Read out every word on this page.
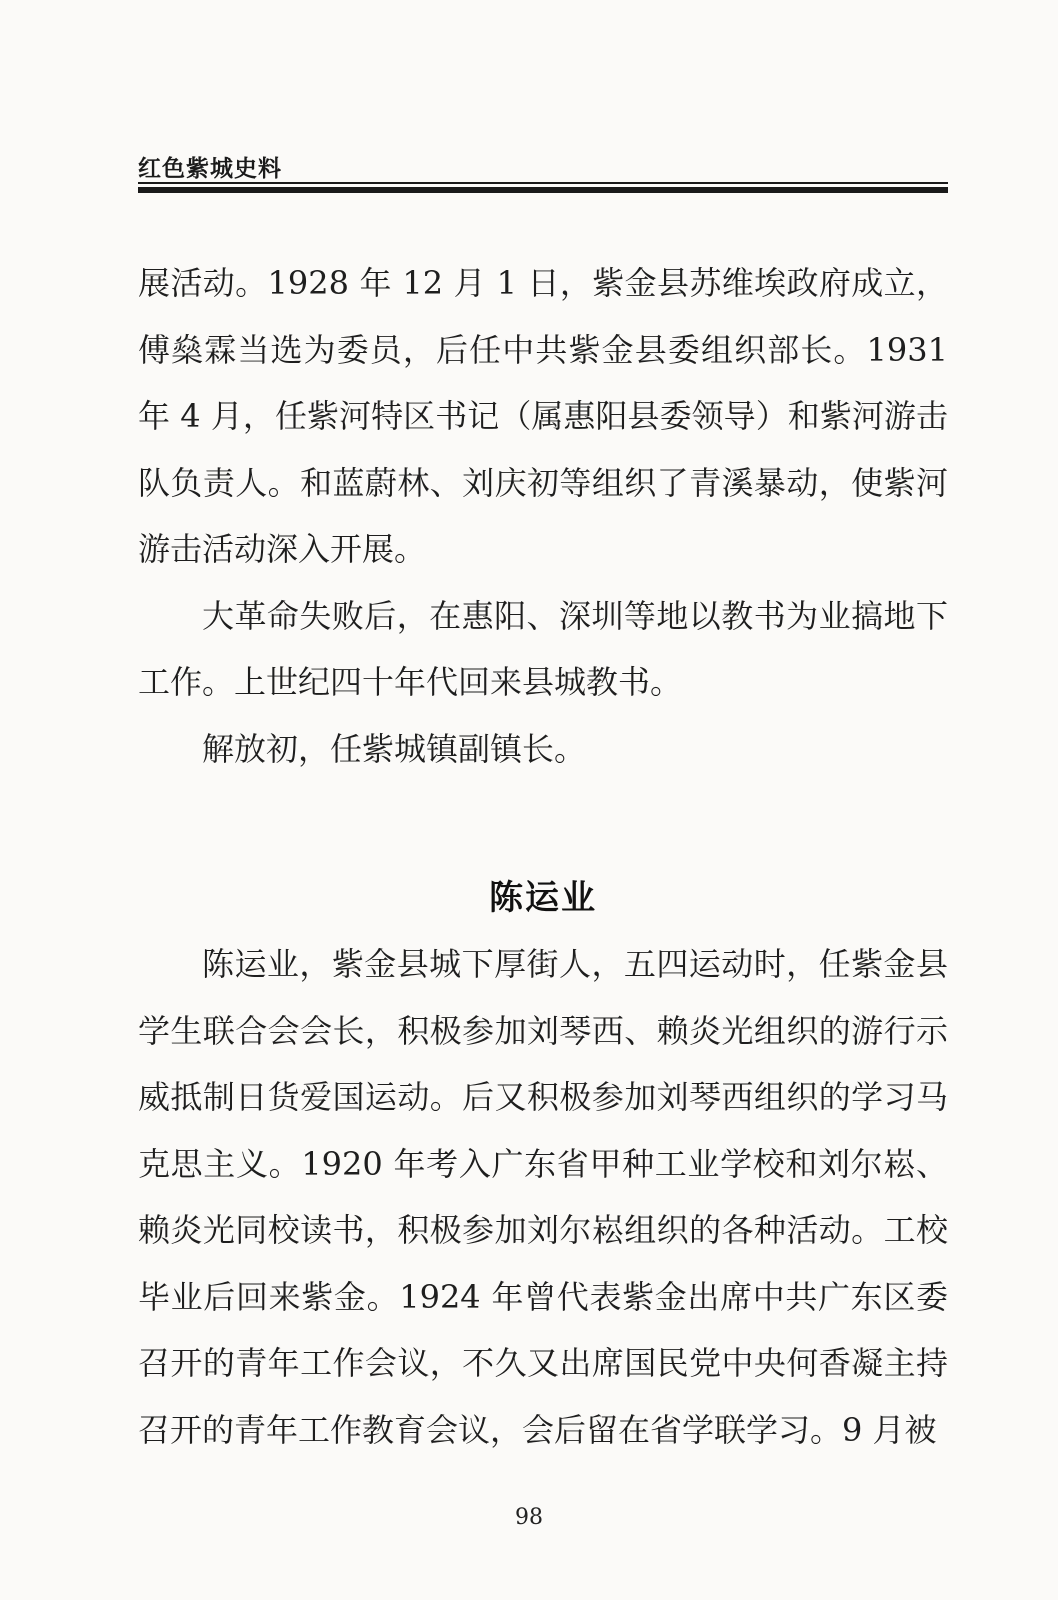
红色紫城史料

展活动。1928 年 12 月 1 日，紫金县苏维埃政府成立，傅燊霖当选为委员，后任中共紫金县委组织部长。1931 年 4 月，任紫河特区书记（属惠阳县委领导）和紫河游击队负责人。和蓝蔚林、刘庆初等组织了青溪暴动，使紫河游击活动深入开展。

大革命失败后，在惠阳、深圳等地以教书为业搞地下工作。上世纪四十年代回来县城教书。

解放初，任紫城镇副镇长。

陈运业

陈运业，紫金县城下厚街人，五四运动时，任紫金县学生联合会会长，积极参加刘琴西、赖炎光组织的游行示威抵制日货爱国运动。后又积极参加刘琴西组织的学习马克思主义。1920 年考入广东省甲种工业学校和刘尔崧、赖炎光同校读书，积极参加刘尔崧组织的各种活动。工校毕业后回来紫金。1924 年曾代表紫金出席中共广东区委召开的青年工作会议，不久又出席国民党中央何香凝主持召开的青年工作教育会议，会后留在省学联学习。9 月被

98
